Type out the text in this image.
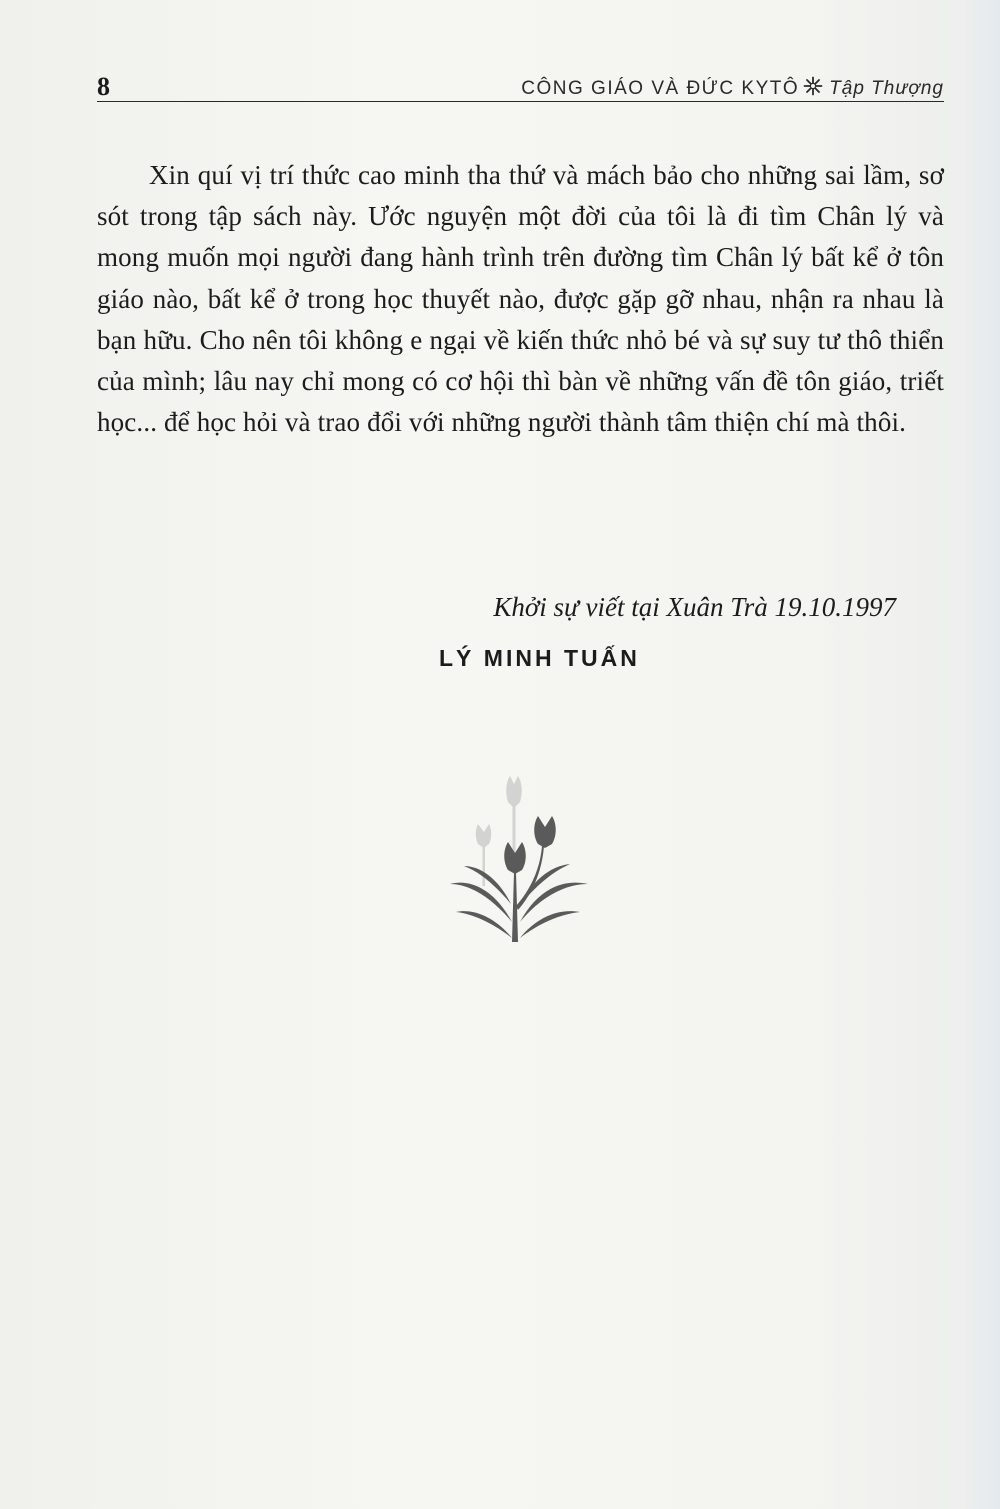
8	CÔNG GIÁO VÀ ĐỨC KYTÔ Tập Thượng

Xin quí vị trí thức cao minh tha thứ và mách bảo cho những sai lầm, sơ sót trong tập sách này. Ước nguyện một đời của tôi là đi tìm Chân lý và mong muốn mọi người đang hành trình trên đường tìm Chân lý bất kể ở tôn giáo nào, bất kể ở trong học thuyết nào, được gặp gỡ nhau, nhận ra nhau là bạn hữu. Cho nên tôi không e ngại về kiến thức nhỏ bé và sự suy tư thô thiển của mình; lâu nay chỉ mong có cơ hội thì bàn về những vấn đề tôn giáo, triết học... để học hỏi và trao đổi với những người thành tâm thiện chí mà thôi.

Khởi sự viết tại Xuân Trà 19.10.1997
LÝ MINH TUẤN
